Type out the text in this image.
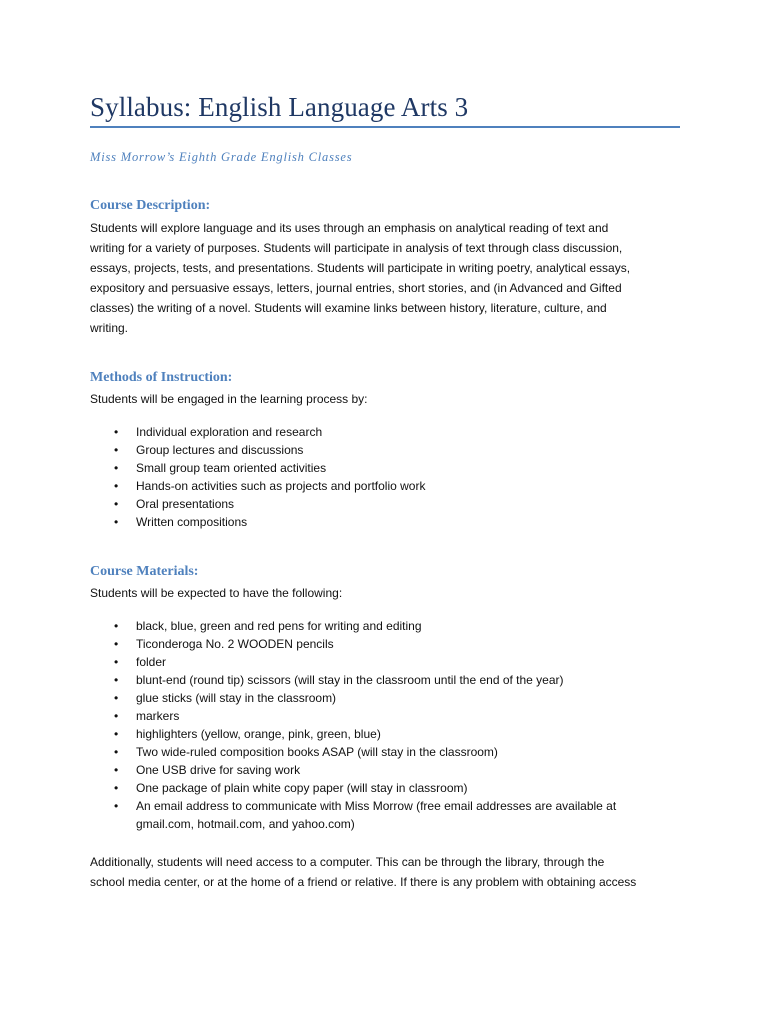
Syllabus: English Language Arts 3
Miss Morrow’s Eighth Grade English Classes
Course Description:
Students will explore language and its uses through an emphasis on analytical reading of text and
writing for a variety of purposes. Students will participate in analysis of text through class discussion,
essays, projects, tests, and presentations. Students will participate in writing poetry, analytical essays,
expository and persuasive essays, letters, journal entries, short stories, and (in Advanced and Gifted
classes) the writing of a novel. Students will examine links between history, literature, culture, and
writing.
Methods of Instruction:
Students will be engaged in the learning process by:
• Individual exploration and research
• Group lectures and discussions
• Small group team oriented activities
• Hands-on activities such as projects and portfolio work
• Oral presentations
• Written compositions
Course Materials:
Students will be expected to have the following:
• black, blue, green and red pens for writing and editing
• Ticonderoga No. 2 WOODEN pencils
• folder
• blunt-end (round tip) scissors (will stay in the classroom until the end of the year)
• glue sticks (will stay in the classroom)
• markers
• highlighters (yellow, orange, pink, green, blue)
• Two wide-ruled composition books ASAP (will stay in the classroom)
• One USB drive for saving work
• One package of plain white copy paper (will stay in classroom)
• An email address to communicate with Miss Morrow (free email addresses are available at
gmail.com, hotmail.com, and yahoo.com)
Additionally, students will need access to a computer. This can be through the library, through the
school media center, or at the home of a friend or relative. If there is any problem with obtaining access
